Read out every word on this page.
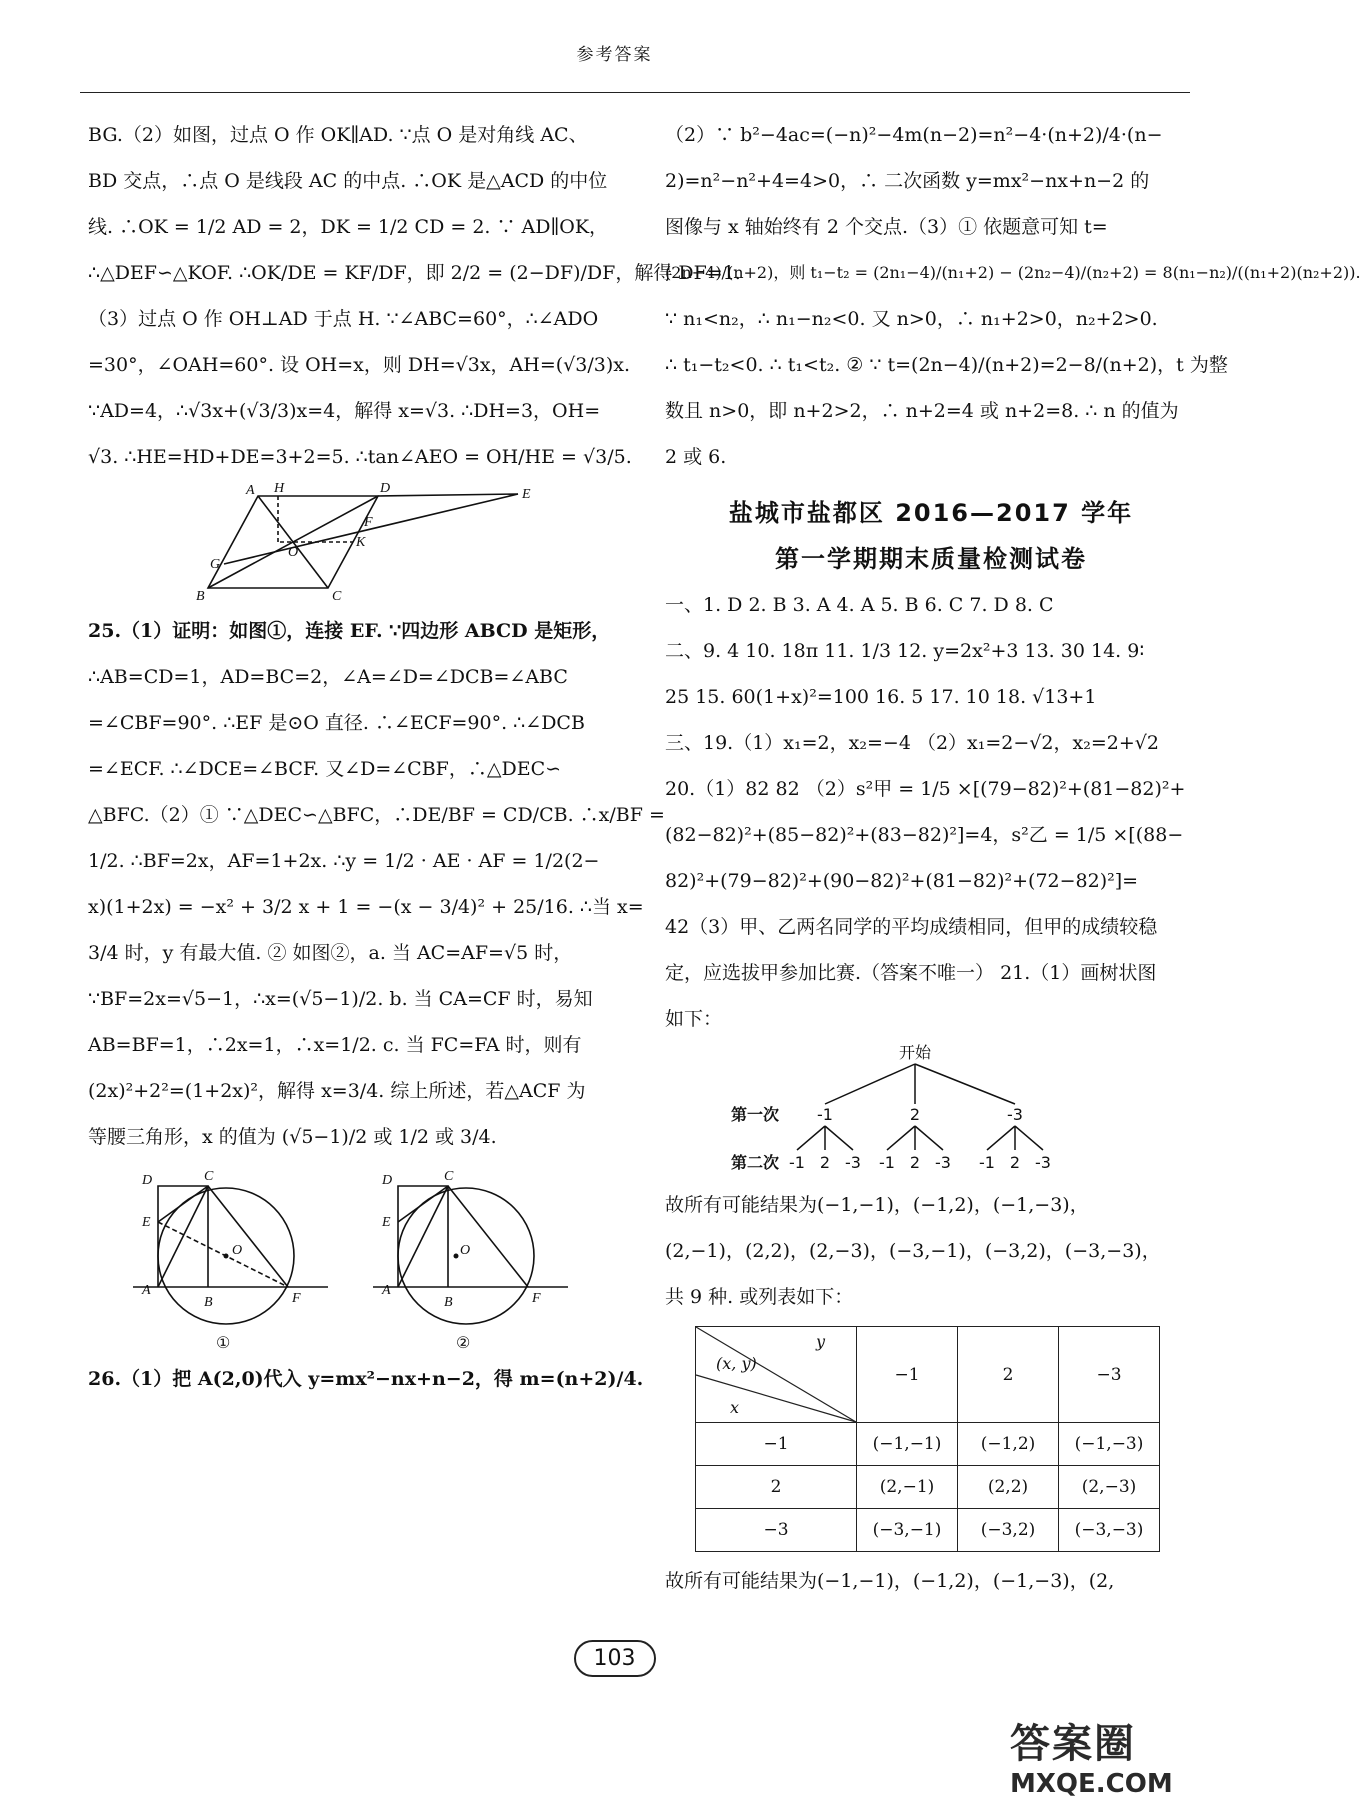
参考答案

BG.（2）如图，过点 O 作 OK∥AD. ∵点 O 是对角线 AC、

BD 交点，∴点 O 是线段 AC 的中点. ∴OK 是△ACD 的中位

线. ∴OK = 1/2 AD = 2，DK = 1/2 CD = 2. ∵ AD∥OK，

∴△DEF∽△KOF. ∴OK/DE = KF/DF，即 2/2 = (2−DF)/DF，解得 DF=1.

（3）过点 O 作 OH⊥AD 于点 H. ∵∠ABC=60°，∴∠ADO

=30°，∠OAH=60°. 设 OH=x，则 DH=√3x，AH=(√3/3)x.

∵AD=4，∴√3x+(√3/3)x=4，解得 x=√3. ∴DH=3，OH=

√3. ∴HE=HD+DE=3+2=5. ∴tan∠AEO = OH/HE = √3/5.

A H	D	E
F
K
O
G
B	C

25.（1）证明：如图①，连接 EF. ∵四边形 ABCD 是矩形，

∴AB=CD=1，AD=BC=2，∠A=∠D=∠DCB=∠ABC

=∠CBF=90°. ∴EF 是⊙O 直径. ∴∠ECF=90°. ∴∠DCB

=∠ECF. ∴∠DCE=∠BCF. 又∠D=∠CBF，∴△DEC∽

△BFC.（2）① ∵△DEC∽△BFC，∴DE/BF = CD/CB. ∴x/BF =

1/2. ∴BF=2x，AF=1+2x. ∴y = 1/2 · AE · AF = 1/2(2−

x)(1+2x) = −x² + 3/2 x + 1 = −(x − 3/4)² + 25/16. ∴当 x=

3/4 时，y 有最大值. ② 如图②，a. 当 AC=AF=√5 时，

∵BF=2x=√5−1，∴x=(√5−1)/2. b. 当 CA=CF 时，易知

AB=BF=1，∴2x=1，∴x=1/2. c. 当 FC=FA 时，则有

(2x)²+2²=(1+2x)²，解得 x=3/4. 综上所述，若△ACF 为

等腰三角形，x 的值为 (√5−1)/2 或 1/2 或 3/4.

D	C
E
O
A
B	F
①
D	C
E
O
A
B	F
②

26.（1）把 A(2,0)代入 y=mx²−nx+n−2，得 m=(n+2)/4.

（2）∵ b²−4ac=(−n)²−4m(n−2)=n²−4·(n+2)/4·(n−

2)=n²−n²+4=4>0，∴ 二次函数 y=mx²−nx+n−2 的

图像与 x 轴始终有 2 个交点.（3）① 依题意可知 t=

(2n−4)/(n+2)，则 t₁−t₂ = (2n₁−4)/(n₁+2) − (2n₂−4)/(n₂+2) = 8(n₁−n₂)/((n₁+2)(n₂+2)).

∵ n₁<n₂，∴ n₁−n₂<0. 又 n>0，∴ n₁+2>0，n₂+2>0.

∴ t₁−t₂<0. ∴ t₁<t₂. ② ∵ t=(2n−4)/(n+2)=2−8/(n+2)，t 为整

数且 n>0，即 n+2>2，∴ n+2=4 或 n+2=8. ∴ n 的值为

2 或 6.

盐城市盐都区 2016—2017 学年

第一学期期末质量检测试卷

一、1. D 2. B 3. A 4. A 5. B 6. C 7. D 8. C

二、9. 4 10. 18π 11. 1/3 12. y=2x²+3 13. 30 14. 9∶

25 15. 60(1+x)²=100 16. 5 17. 10 18. √13+1

三、19.（1）x₁=2，x₂=−4 （2）x₁=2−√2，x₂=2+√2

20.（1）82 82 （2）s²甲 = 1/5 ×[(79−82)²+(81−82)²+

(82−82)²+(85−82)²+(83−82)²]=4，s²乙 = 1/5 ×[(88−

82)²+(79−82)²+(90−82)²+(81−82)²+(72−82)²]=

42（3）甲、乙两名同学的平均成绩相同，但甲的成绩较稳

定，应选拔甲参加比赛.（答案不唯一） 21.（1）画树状图

如下：

开始
第一次
第二次
-1	2	-3
-1 2 -3 -1 2 -3 -1 2 -3

故所有可能结果为(−1,−1)，(−1,2)，(−1,−3)，

(2,−1)，(2,2)，(2,−3)，(−3,−1)，(−3,2)，(−3,−3)，

共 9 种. 或列表如下：

y
(x, y)
x	−1	2	−3
−1	(−1,−1)	(−1,2)	(−1,−3)
2	(2,−1)	(2,2)	(2,−3)
−3	(−3,−1)	(−3,2)	(−3,−3)

故所有可能结果为(−1,−1)，(−1,2)，(−1,−3)，(2,

103
答案圈
MXQE.COM
